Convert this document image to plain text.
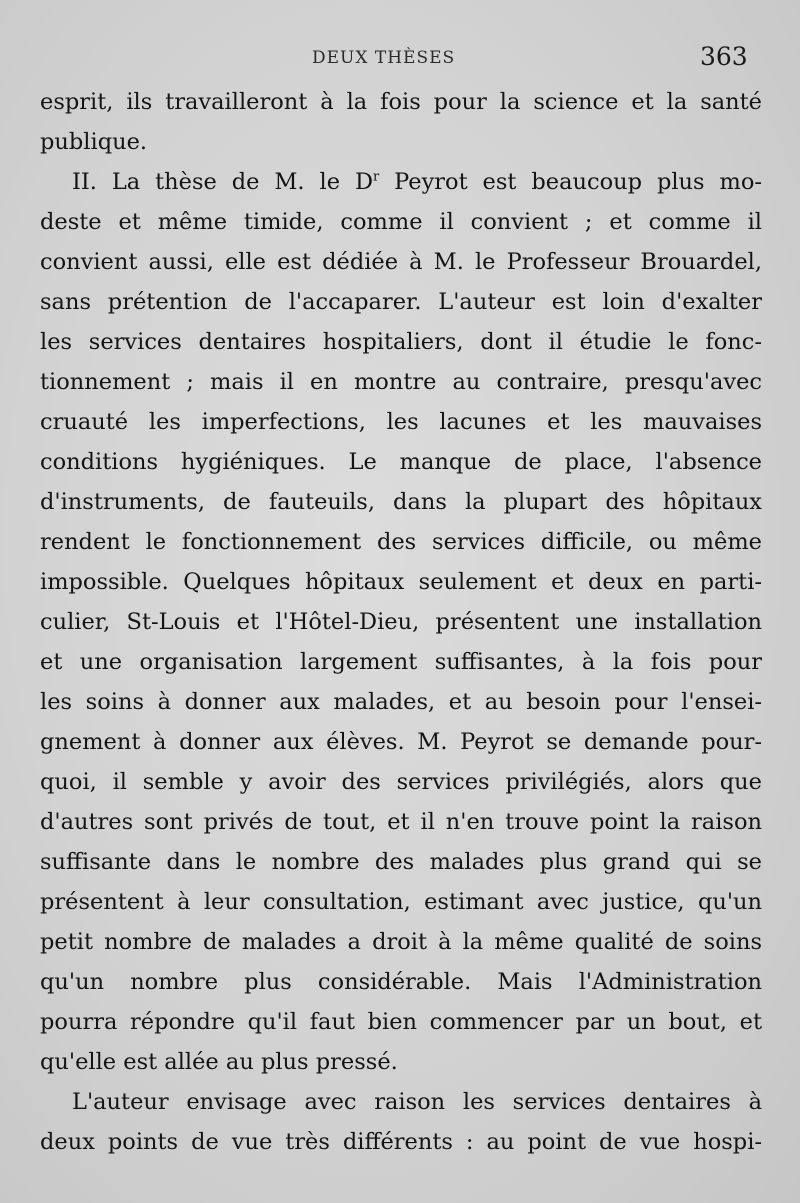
DEUX THÈSES	363
esprit, ils travailleront à la fois pour la science et la santé
publique.
II. La thèse de M. le $D^r$ Peyrot est beaucoup plus mo-
deste et même timide, comme il convient ; et comme il
convient aussi, elle est dédiée à M. le Professeur Brouardel,
sans prétention de l'accaparer. L'auteur est loin d'exalter
les services dentaires hospitaliers, dont il étudie le fonc-
tionnement ; mais il en montre au contraire, presqu'avec
cruauté les imperfections, les lacunes et les mauvaises
conditions hygiéniques. Le manque de place, l'absence
d'instruments, de fauteuils, dans la plupart des hôpitaux
rendent le fonctionnement des services difficile, ou même
impossible. Quelques hôpitaux seulement et deux en parti-
culier, St-Louis et l'Hôtel-Dieu, présentent une installation
et une organisation largement suffisantes, à la fois pour
les soins à donner aux malades, et au besoin pour l'ensei-
gnement à donner aux élèves. M. Peyrot se demande pour-
quoi, il semble y avoir des services privilégiés, alors que
d'autres sont privés de tout, et il n'en trouve point la raison
suffisante dans le nombre des malades plus grand qui se
présentent à leur consultation, estimant avec justice, qu'un
petit nombre de malades a droit à la même qualité de soins
qu'un nombre plus considérable. Mais l'Administration
pourra répondre qu'il faut bien commencer par un bout, et
qu'elle est allée au plus pressé.
L'auteur envisage avec raison les services dentaires à
deux points de vue très différents : au point de vue hospi-
